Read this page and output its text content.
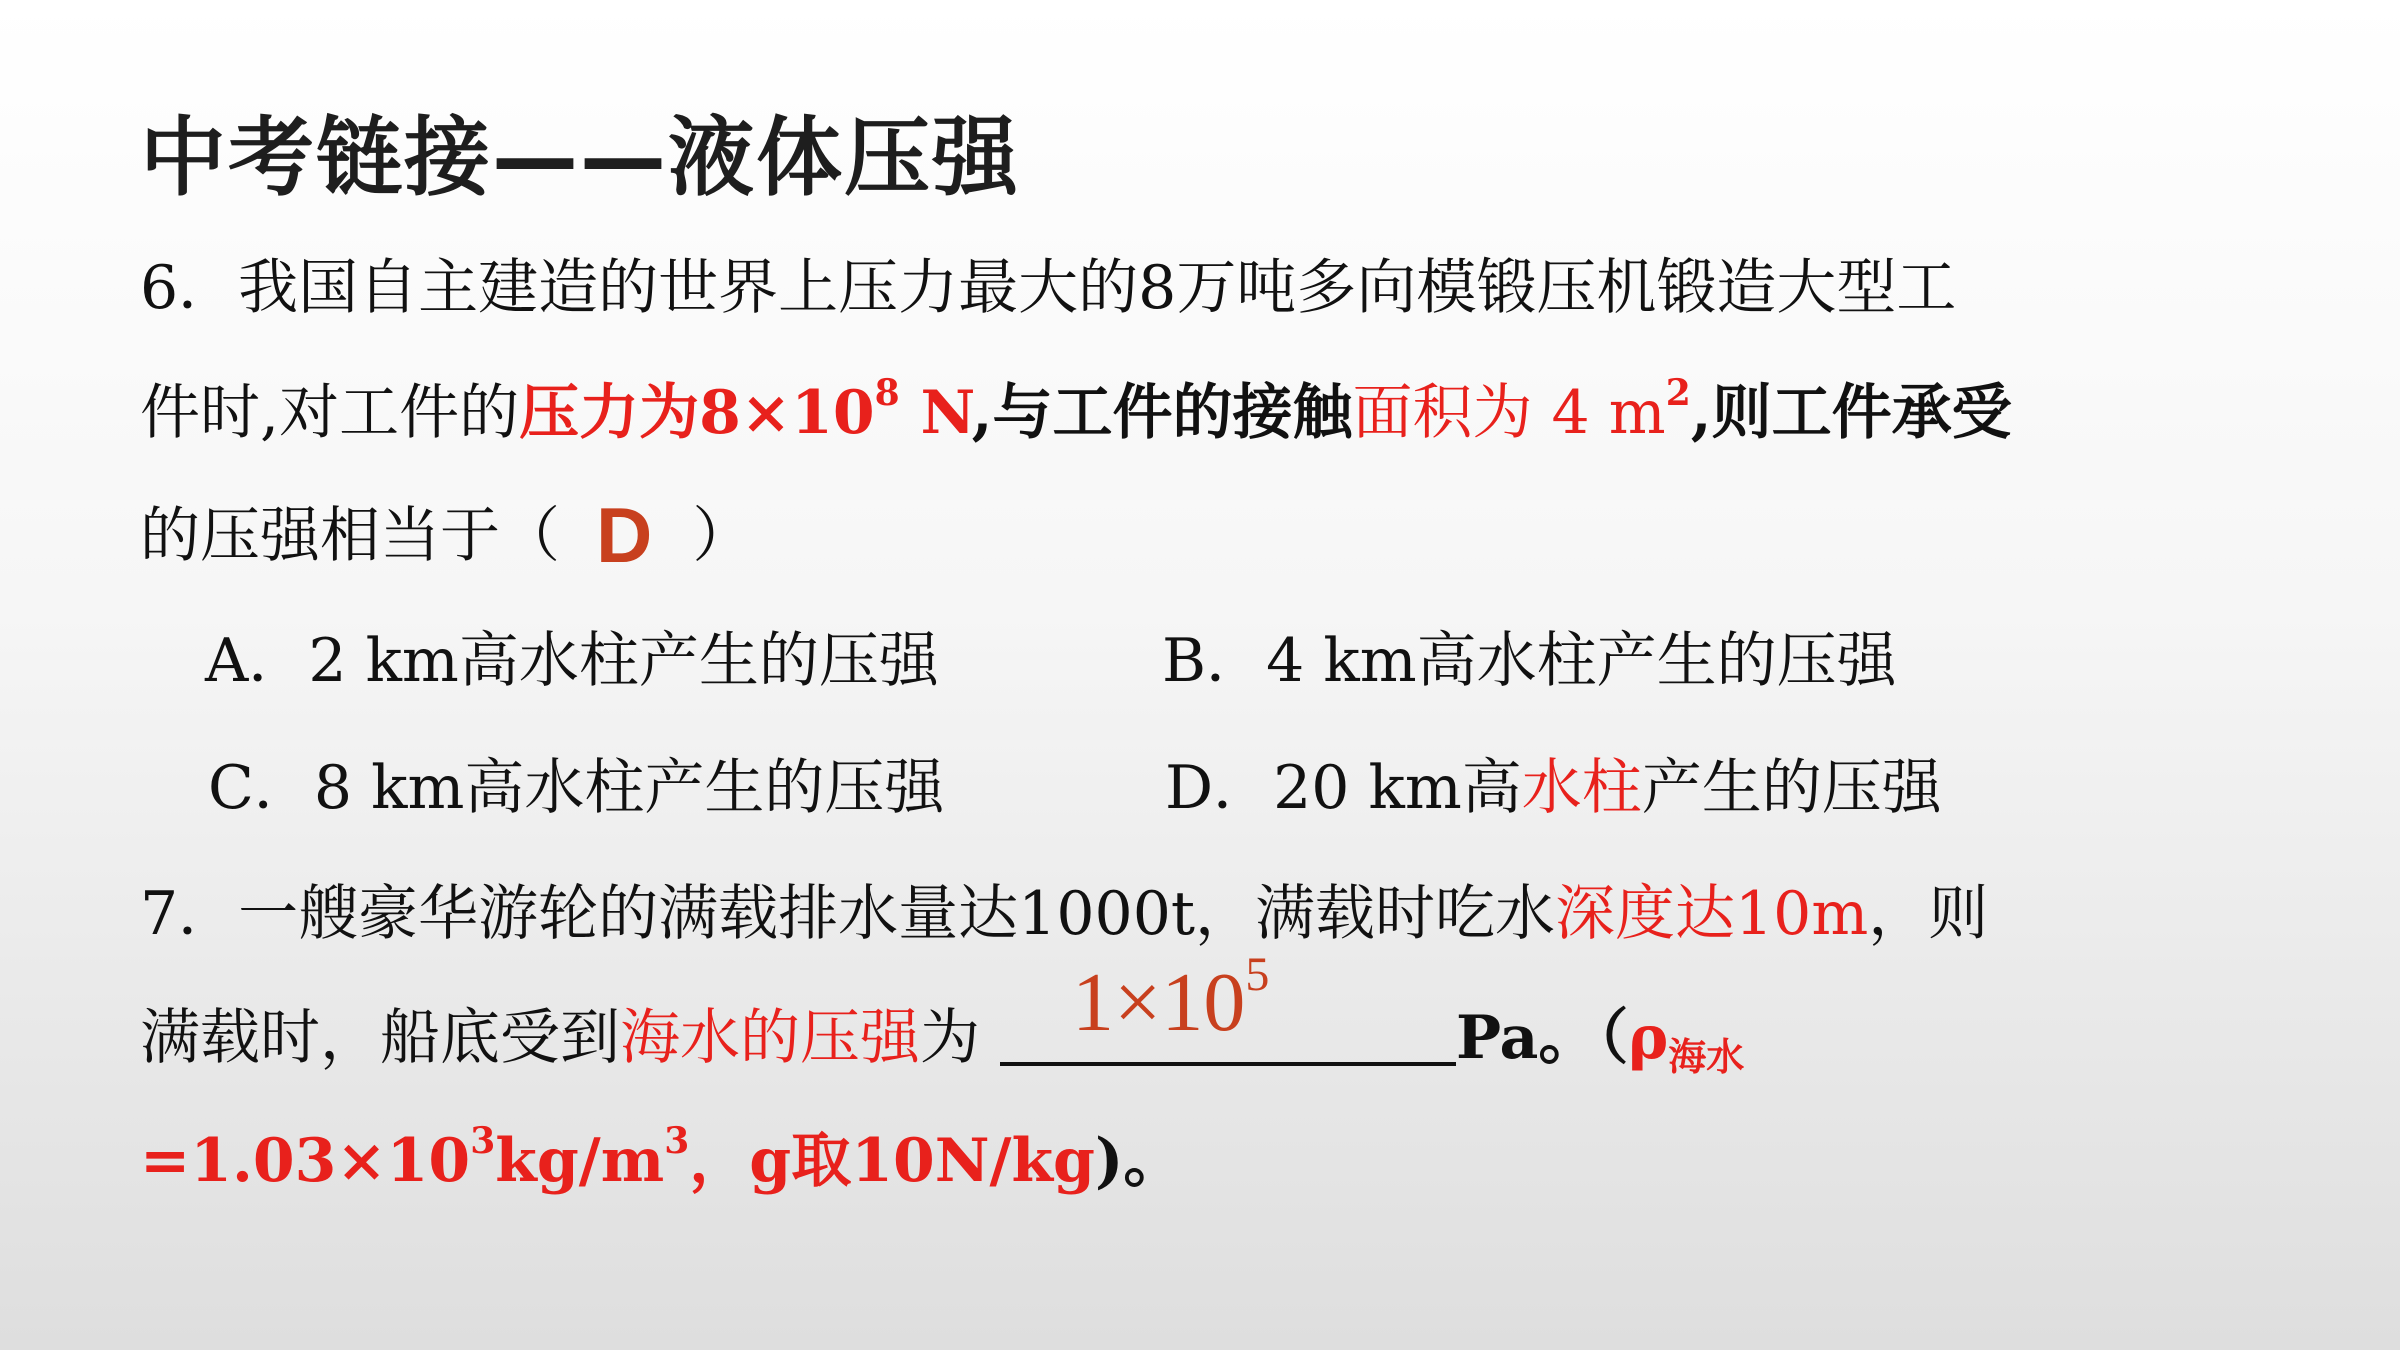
中考链接——液体压强
6．我国自主建造的世界上压力最大的8万吨多向模锻压机锻造大型工
件时,对工件的压力为$8\times 10^8$ N,与工件的接触面积为 4 $m^2$,则工件承受
的压强相当于（ D ）
A．2 km高水柱产生的压强	B．4 km高水柱产生的压强
C．8 km高水柱产生的压强	D．20 km高水柱产生的压强
7．一艘豪华游轮的满载排水量达1000t，满载时吃水深度达10m，则
满载时，船底受到海水的压强为 $1\times 10^5$
Pa。（$\rho_{海水}$
$=1.03\times 10^3kg/m^3$，g取10N/kg)。
